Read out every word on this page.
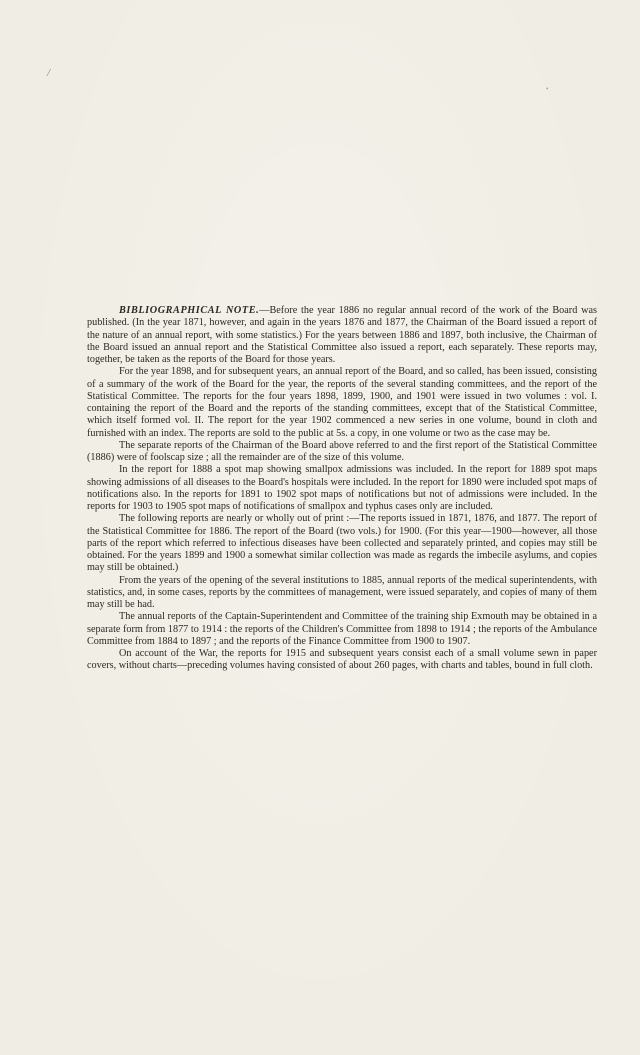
/
•

BIBLIOGRAPHICAL NOTE.—Before the year 1886 no regular annual record of the work of the Board was published. (In the year 1871, however, and again in the years 1876 and 1877, the Chairman of the Board issued a report of the nature of an annual report, with some statistics.) For the years between 1886 and 1897, both inclusive, the Chairman of the Board issued an annual report and the Statistical Committee also issued a report, each separately. These reports may, together, be taken as the reports of the Board for those years.

For the year 1898, and for subsequent years, an annual report of the Board, and so called, has been issued, consisting of a summary of the work of the Board for the year, the reports of the several standing committees, and the report of the Statistical Committee. The reports for the four years 1898, 1899, 1900, and 1901 were issued in two volumes : vol. I. containing the report of the Board and the reports of the standing committees, except that of the Statistical Committee, which itself formed vol. II. The report for the year 1902 commenced a new series in one volume, bound in cloth and furnished with an index. The reports are sold to the public at 5s. a copy, in one volume or two as the case may be.

The separate reports of the Chairman of the Board above referred to and the first report of the Statistical Committee (1886) were of foolscap size ; all the remainder are of the size of this volume.

In the report for 1888 a spot map showing smallpox admissions was included. In the report for 1889 spot maps showing admissions of all diseases to the Board's hospitals were included. In the report for 1890 were included spot maps of notifications also. In the reports for 1891 to 1902 spot maps of notifications but not of admissions were included. In the reports for 1903 to 1905 spot maps of notifications of smallpox and typhus cases only are included.

The following reports are nearly or wholly out of print :—The reports issued in 1871, 1876, and 1877. The report of the Statistical Committee for 1886. The report of the Board (two vols.) for 1900. (For this year—1900—however, all those parts of the report which referred to infectious diseases have been collected and separately printed, and copies may still be obtained. For the years 1899 and 1900 a somewhat similar collection was made as regards the imbecile asylums, and copies may still be obtained.)

From the years of the opening of the several institutions to 1885, annual reports of the medical superintendents, with statistics, and, in some cases, reports by the committees of management, were issued separately, and copies of many of them may still be had.

The annual reports of the Captain-Superintendent and Committee of the training ship Exmouth may be obtained in a separate form from 1877 to 1914 : the reports of the Children's Committee from 1898 to 1914 ; the reports of the Ambulance Committee from 1884 to 1897 ; and the reports of the Finance Committee from 1900 to 1907.

On account of the War, the reports for 1915 and subsequent years consist each of a small volume sewn in paper covers, without charts—preceding volumes having consisted of about 260 pages, with charts and tables, bound in full cloth.
